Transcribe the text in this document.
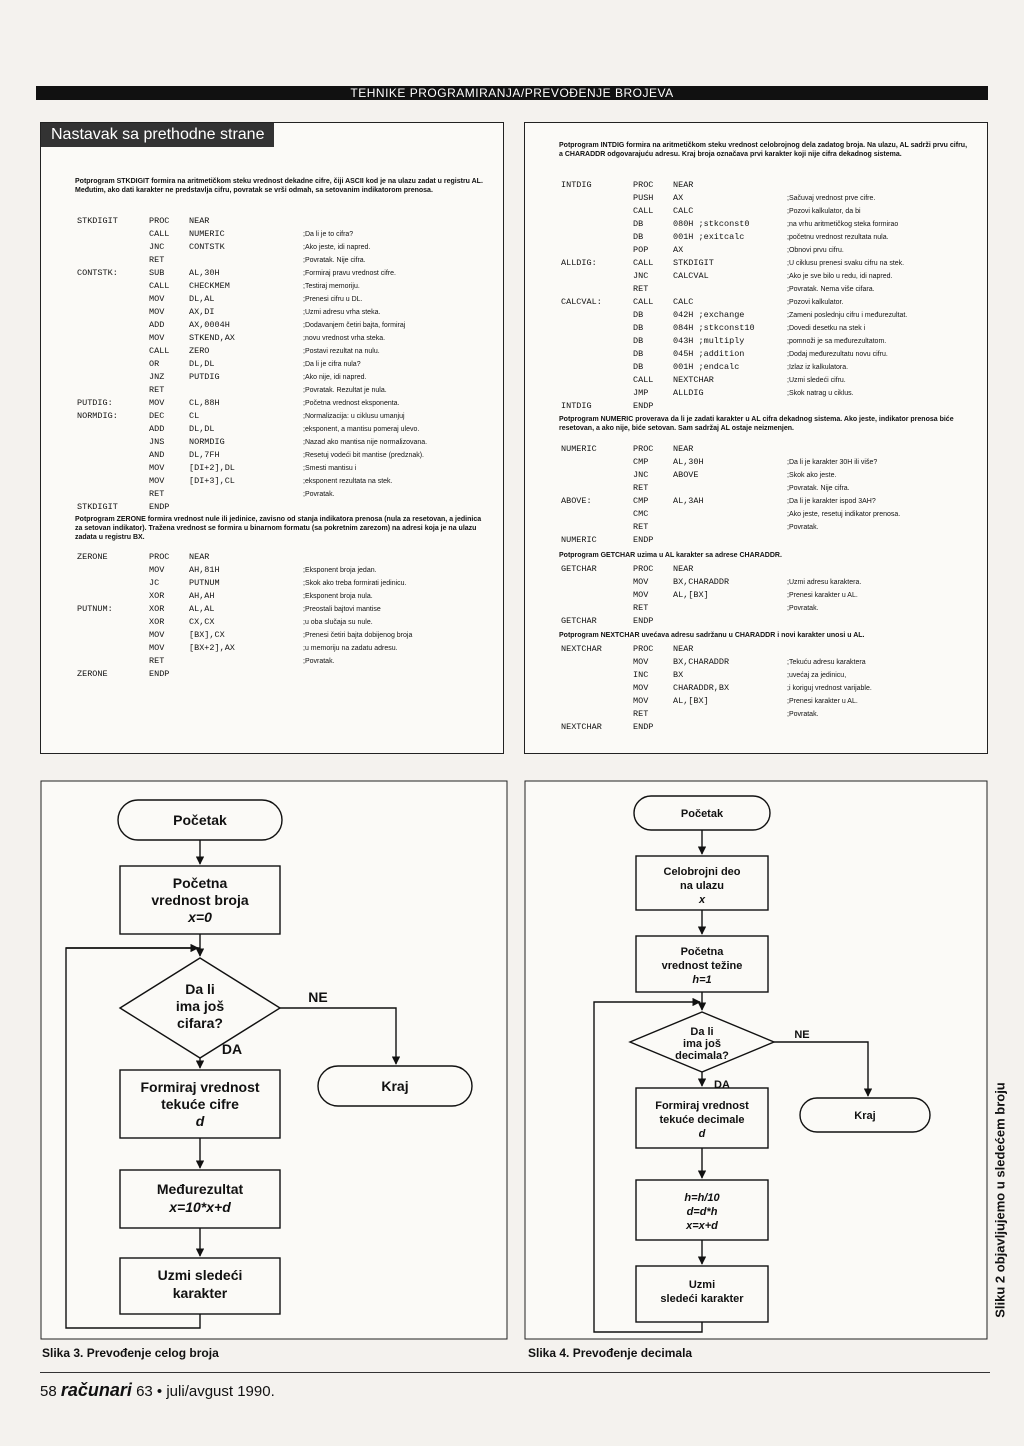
TEHNIKE PROGRAMIRANJA/PREVOĐENJE BROJEVA
Nastavak sa prethodne strane
Potprogram STKDIGIT formira na aritmetičkom steku vrednost dekadne cifre, čiji ASCII kod je na ulazu zadat u registru AL. Međutim, ako dati karakter ne predstavlja cifru, povratak se vrši odmah, sa setovanim indikatorom prenosa.
STKDIGIT	PROC NEAR
CALL NUMERIC	;Da li je to cifra?
JNC	CONTSTK	;Ako jeste, idi napred.
RET	;Povratak. Nije cifra.
CONTSTK:	SUB	AL,30H	;Formiraj pravu vrednost cifre.
CALL CHECKMEM	;Testiraj memoriju.
MOV	DL,AL	;Prenesi cifru u DL.
MOV	AX,DI	;Uzmi adresu vrha steka.
ADD	AX,0004H	;Dodavanjem četiri bajta, formiraj
MOV	STKEND,AX	;novu vrednost vrha steka.
CALL ZERO	;Postavi rezultat na nulu.
OR	DL,DL	;Da li je cifra nula?
JNZ	PUTDIG	;Ako nije, idi napred.
RET	;Povratak. Rezultat je nula.
PUTDIG:	MOV	CL,88H	;Početna vrednost eksponenta.
NORMDIG:	DEC	CL	;Normalizacija: u ciklusu umanjuj
ADD	DL,DL	;eksponent, a mantisu pomeraj ulevo.
JNS	NORMDIG	;Nazad ako mantisa nije normalizovana.
AND	DL,7FH	;Resetuj vodeći bit mantise (predznak).
MOV	[DI+2],DL	;Smesti mantisu i
MOV	[DI+3],CL	;eksponent rezultata na stek.
RET	;Povratak.
STKDIGIT	ENDP
Potprogram ZERONE formira vrednost nule ili jedinice, zavisno od stanja indikatora prenosa (nula za resetovan, a jedinica za setovan indikator). Tražena vrednost se formira u binarnom formatu (sa pokretnim zarezom) na adresi koja je na ulazu zadata u registru BX.
ZERONE	PROC NEAR
MOV	AH,81H	;Eksponent broja jedan.
JC	PUTNUM	;Skok ako treba formirati jedinicu.
XOR	AH,AH	;Eksponent broja nula.
PUTNUM:	XOR	AL,AL	;Preostali bajtovi mantise
XOR	CX,CX	;u oba slučaja su nule.
MOV	[BX],CX	;Prenesi četiri bajta dobijenog broja
MOV	[BX+2],AX	;u memoriju na zadatu adresu.
RET	;Povratak.
ZERONE	ENDP
Potprogram INTDIG formira na aritmetičkom steku vrednost celobrojnog dela zadatog broja. Na ulazu, AL sadrži prvu cifru, a CHARADDR odgovarajuću adresu. Kraj broja označava prvi karakter koji nije cifra dekadnog sistema.
INTDIG	PROC NEAR
PUSH AX	;Sačuvaj vrednost prve cifre.
CALL CALC	;Pozovi kalkulator, da bi
DB	080H ;stkconst0	;na vrhu aritmetičkog steka formirao
DB	001H ;exitcalc	;početnu vrednost rezultata nula.
POP	AX	;Obnovi prvu cifru.
ALLDIG:	CALL STKDIGIT	;U ciklusu prenesi svaku cifru na stek.
JNC	CALCVAL	;Ako je sve bilo u redu, idi napred.
RET	;Povratak. Nema više cifara.
CALCVAL:	CALL CALC	;Pozovi kalkulator.
DB	042H ;exchange	;Zameni poslednju cifru i međurezultat.
DB	084H ;stkconst10	;Dovedi desetku na stek i
DB	043H ;multiply	;pomnoži je sa međurezultatom.
DB	045H ;addition	;Dodaj međurezultatu novu cifru.
DB	001H ;endcalc	;Izlaz iz kalkulatora.
CALL NEXTCHAR	;Uzmi sledeći cifru.
JMP	ALLDIG	;Skok natrag u ciklus.
INTDIG	ENDP
Potprogram NUMERIC proverava da li je zadati karakter u AL cifra dekadnog sistema. Ako jeste, indikator prenosa biće resetovan, a ako nije, biće setovan. Sam sadržaj AL ostaje neizmenjen.
NUMERIC	PROC NEAR
CMP	AL,30H	;Da li je karakter 30H ili više?
JNC	ABOVE	;Skok ako jeste.
RET	;Povratak. Nije cifra.
ABOVE:	CMP	AL,3AH	;Da li je karakter ispod 3AH?
CMC	;Ako jeste, resetuj indikator prenosa.
RET	;Povratak.
NUMERIC	ENDP
Potprogram GETCHAR uzima u AL karakter sa adrese CHARADDR.
GETCHAR	PROC NEAR
MOV	BX,CHARADDR	;Uzmi adresu karaktera.
MOV	AL,[BX]	;Prenesi karakter u AL.
RET	;Povratak.
GETCHAR	ENDP
Potprogram NEXTCHAR uvećava adresu sadržanu u CHARADDR i novi karakter unosi u AL.
NEXTCHAR	PROC NEAR
MOV	BX,CHARADDR	;Tekuću adresu karaktera
INC	BX	;uvećaj za jedinicu,
MOV	CHARADDR,BX	;i koriguj vrednost varijable.
MOV	AL,[BX]	;Prenesi karakter u AL.
RET	;Povratak.
NEXTCHAR	ENDP
Početak
Početna
vrednost broja
x=0
Da li
ima još
cifara?
Formiraj vrednost
tekuće cifre
d
Međurezultat
x=10*x+d
Uzmi sledeći
karakter
Kraj
NE
DA
Slika 3. Prevođenje celog broja
Početak
Celobrojni deo
na ulazu
x
Početna
vrednost težine
h=1
Da li
ima još
decimala?
Formiraj vrednost
tekuće decimale
d
h=h/10
d=d*h
x=x+d
Uzmi
sledeći karakter
Kraj
NE
DA
Slika 4. Prevođenje decimala
58 računari 63 • juli/avgust 1990.
Sliku 2 objavljujemo u sledećem broju
